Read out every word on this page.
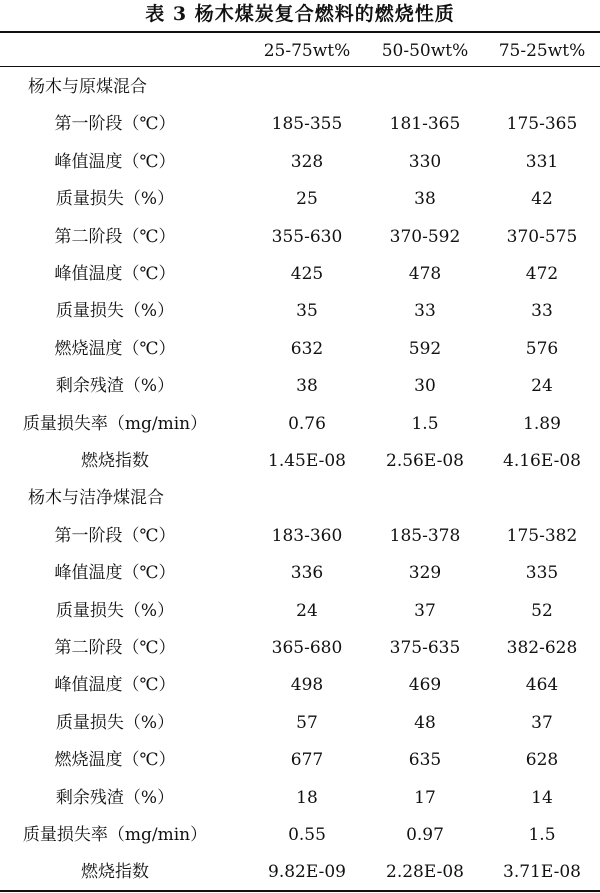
表 3 杨木煤炭复合燃料的燃烧性质
25-75wt%	50-50wt%	75-25wt%
杨木与原煤混合
第一阶段（℃）	185-355	181-365	175-365
峰值温度（℃）	328	330	331
质量损失（%）	25	38	42
第二阶段（℃）	355-630	370-592	370-575
峰值温度（℃）	425	478	472
质量损失（%）	35	33	33
燃烧温度（℃）	632	592	576
剩余残渣（%）	38	30	24
质量损失率（mg/min）	0.76	1.5	1.89
燃烧指数	1.45E-08	2.56E-08	4.16E-08
杨木与洁净煤混合
第一阶段（℃）	183-360	185-378	175-382
峰值温度（℃）	336	329	335
质量损失（%）	24	37	52
第二阶段（℃）	365-680	375-635	382-628
峰值温度（℃）	498	469	464
质量损失（%）	57	48	37
燃烧温度（℃）	677	635	628
剩余残渣（%）	18	17	14
质量损失率（mg/min）	0.55	0.97	1.5
燃烧指数	9.82E-09	2.28E-08	3.71E-08
